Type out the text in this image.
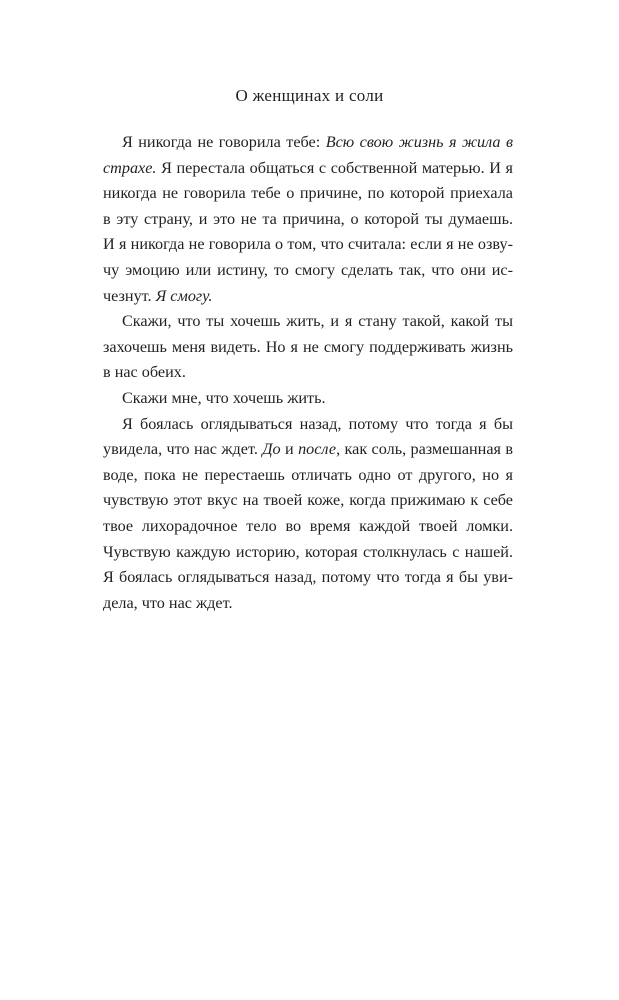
О женщинах и соли
Я никогда не говорила тебе: Всю свою жизнь я жила в
страхе. Я перестала общаться с собственной матерью. И я
никогда не говорила тебе о причине, по которой приехала
в эту страну, и это не та причина, о которой ты думаешь.
И я никогда не говорила о том, что считала: если я не озву-
чу эмоцию или истину, то смогу сделать так, что они ис-
чезнут. Я смогу.
Скажи, что ты хочешь жить, и я стану такой, какой ты
захочешь меня видеть. Но я не смогу поддерживать жизнь
в нас обеих.
Скажи мне, что хочешь жить.
Я боялась оглядываться назад, потому что тогда я бы
увидела, что нас ждет. До и после, как соль, размешанная в
воде, пока не перестаешь отличать одно от другого, но я
чувствую этот вкус на твоей коже, когда прижимаю к себе
твое лихорадочное тело во время каждой твоей ломки.
Чувствую каждую историю, которая столкнулась с нашей.
Я боялась оглядываться назад, потому что тогда я бы уви-
дела, что нас ждет.
